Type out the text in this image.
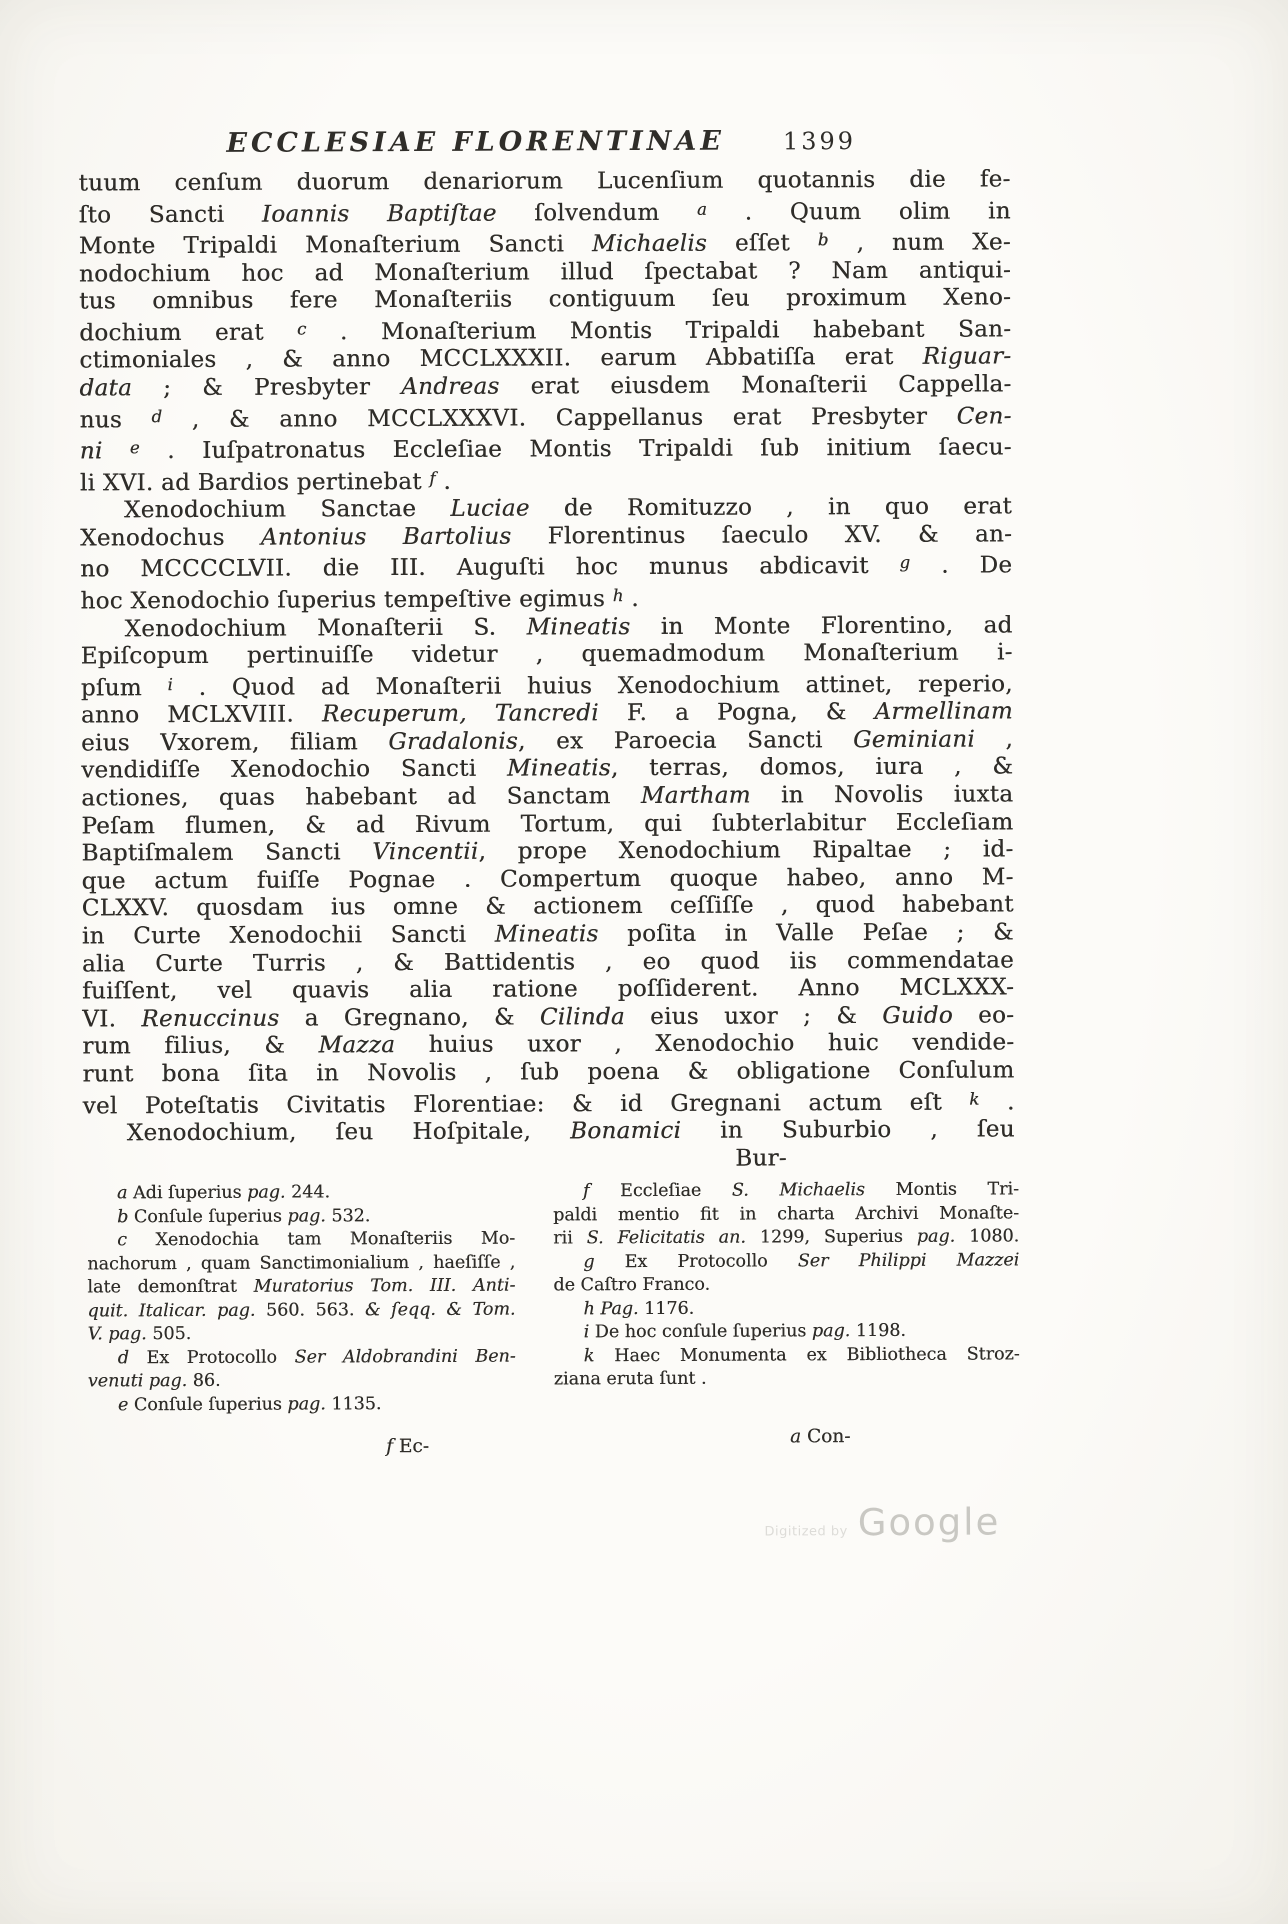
ECCLESIAE FLORENTINAE 1399
tuum cenſum duorum denariorum Lucenſium quotannis die fe-
ſto Sancti Ioannis Baptiſtae ſolvendum $^a$ . Quum olim in
Monte Tripaldi Monaſterium Sancti Michaelis eſſet $^b$ , num Xe-
nodochium hoc ad Monaſterium illud ſpectabat ? Nam antiqui-
tus omnibus fere Monaſteriis contiguum ſeu proximum Xeno-
dochium erat $^c$ . Monaſterium Montis Tripaldi habebant San-
ctimoniales , & anno MCCLXXXII. earum Abbatiſſa erat Riguar-
data ; & Presbyter Andreas erat eiusdem Monaſterii Cappella-
nus $^d$ , & anno MCCLXXXVI. Cappellanus erat Presbyter Cen-
ni $^e$ . Iuſpatronatus Eccleſiae Montis Tripaldi ſub initium ſaecu-
li XVI. ad Bardios pertinebat $^f$ .
Xenodochium Sanctae Luciae de Romituzzo , in quo erat
Xenodochus Antonius Bartolius Florentinus ſaeculo XV. & an-
no MCCCCLVII. die III. Auguſti hoc munus abdicavit $^g$ . De
hoc Xenodochio ſuperius tempeſtive egimus $^h$ .
Xenodochium Monaſterii S. Mineatis in Monte Florentino, ad
Epiſcopum pertinuiſſe videtur , quemadmodum Monaſterium i-
pſum $^i$ . Quod ad Monaſterii huius Xenodochium attinet, reperio,
anno MCLXVIII. Recuperum, Tancredi F. a Pogna, & Armellinam
eius Vxorem, filiam Gradalonis, ex Paroecia Sancti Geminiani ,
vendidiſſe Xenodochio Sancti Mineatis, terras, domos, iura , &
actiones, quas habebant ad Sanctam Martham in Novolis iuxta
Peſam flumen, & ad Rivum Tortum, qui ſubterlabitur Eccleſiam
Baptiſmalem Sancti Vincentii, prope Xenodochium Ripaltae ; id-
que actum fuiſſe Pognae . Compertum quoque habeo, anno M-
CLXXV. quosdam ius omne & actionem ceſſiſſe , quod habebant
in Curte Xenodochii Sancti Mineatis poſita in Valle Peſae ; &
alia Curte Turris , & Battidentis , eo quod iis commendatae
fuiſſent, vel quavis alia ratione poſſiderent. Anno MCLXXX-
VI. Renuccinus a Gregnano, & Cilinda eius uxor ; & Guido eo-
rum filius, & Mazza huius uxor , Xenodochio huic vendide-
runt bona ſita in Novolis , ſub poena & obligatione Conſulum
vel Poteſtatis Civitatis Florentiae: & id Gregnani actum eſt $^k$ .
Xenodochium, ſeu Hoſpitale, Bonamici in Suburbio , ſeu
Bur-
a Adi ſuperius pag. 244.
b Conſule ſuperius pag. 532.
c Xenodochia tam Monaſteriis Mo-
nachorum , quam Sanctimonialium , haeſiſſe ,
late demonſtrat Muratorius Tom. III. Anti-
quit. Italicar. pag. 560. 563. & ſeqq. & Tom.
V. pag. 505.
d Ex Protocollo Ser Aldobrandini Ben-
venuti pag. 86.
e Conſule ſuperius pag. 1135.
f Eccleſiae S. Michaelis Montis Tri-
paldi mentio fit in charta Archivi Monaſte-
rii S. Felicitatis an. 1299, Superius pag. 1080.
g Ex Protocollo Ser Philippi Mazzei
de Caſtro Franco.
h Pag. 1176.
i De hoc conſule ſuperius pag. 1198.
k Haec Monumenta ex Bibliotheca Stroz-
ziana eruta ſunt .
f Ec-	a Con-
Digitized by Google
